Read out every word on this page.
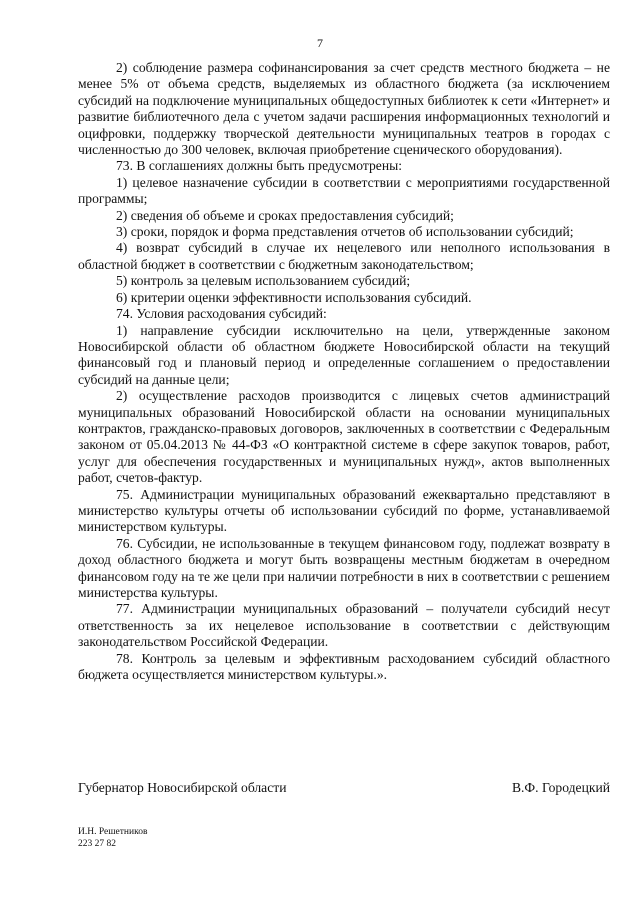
7

2) соблюдение размера софинансирования за счет средств местного бюджета – не менее 5% от объема средств, выделяемых из областного бюджета (за исключением субсидий на подключение муниципальных общедоступных библиотек к сети «Интернет» и развитие библиотечного дела с учетом задачи расширения информационных технологий и оцифровки, поддержку творческой деятельности муниципальных театров в городах с численностью до 300 человек, включая приобретение сценического оборудования).

73. В соглашениях должны быть предусмотрены:

1) целевое назначение субсидии в соответствии с мероприятиями государственной программы;

2) сведения об объеме и сроках предоставления субсидий;

3) сроки, порядок и форма представления отчетов об использовании субсидий;

4) возврат субсидий в случае их нецелевого или неполного использования в областной бюджет в соответствии с бюджетным законодательством;

5) контроль за целевым использованием субсидий;

6) критерии оценки эффективности использования субсидий.

74. Условия расходования субсидий:

1) направление субсидии исключительно на цели, утвержденные законом Новосибирской области об областном бюджете Новосибирской области на текущий финансовый год и плановый период и определенные соглашением о предоставлении субсидий на данные цели;

2) осуществление расходов производится с лицевых счетов администраций муниципальных образований Новосибирской области на основании муниципальных контрактов, гражданско-правовых договоров, заключенных в соответствии с Федеральным законом от 05.04.2013 № 44-ФЗ «О контрактной системе в сфере закупок товаров, работ, услуг для обеспечения государственных и муниципальных нужд», актов выполненных работ, счетов-фактур.

75. Администрации муниципальных образований ежеквартально представляют в министерство культуры отчеты об использовании субсидий по форме, устанавливаемой министерством культуры.

76. Субсидии, не использованные в текущем финансовом году, подлежат возврату в доход областного бюджета и могут быть возвращены местным бюджетам в очередном финансовом году на те же цели при наличии потребности в них в соответствии с решением министерства культуры.

77. Администрации муниципальных образований – получатели субсидий несут ответственность за их нецелевое использование в соответствии с действующим законодательством Российской Федерации.

78. Контроль за целевым и эффективным расходованием субсидий областного бюджета осуществляется министерством культуры.».

Губернатор Новосибирской области	В.Ф. Городецкий
И.Н. Решетников
223 27 82
